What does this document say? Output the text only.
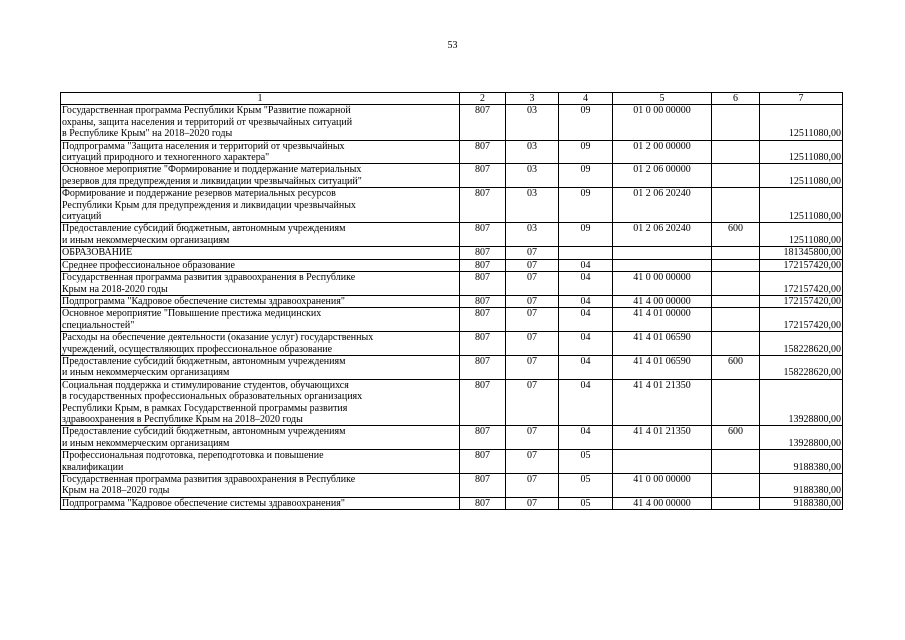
53
1	2	3	4	5	6	7

Государственная программа Республики Крым "Развитие пожарной
охраны, защита населения и территорий от чрезвычайных ситуаций
в Республике Крым" на 2018–2020 годы	807	03	09	01 0 00 00000		12511080,00

Подпрограмма "Защита населения и территорий от чрезвычайных
ситуаций природного и техногенного характера"	807	03	09	01 2 00 00000		12511080,00

Основное мероприятие "Формирование и поддержание материальных
резервов для предупреждения и ликвидации чрезвычайных ситуаций"	807	03	09	01 2 06 00000		12511080,00

Формирование и поддержание резервов материальных ресурсов
Республики Крым для предупреждения и ликвидации чрезвычайных
ситуаций	807	03	09	01 2 06 20240		12511080,00

Предоставление субсидий бюджетным, автономным учреждениям
и иным некоммерческим организациям	807	03	09	01 2 06 20240	600	12511080,00

ОБРАЗОВАНИЕ	807	07				181345800,00

Среднее профессиональное образование	807	07	04			172157420,00

Государственная программа развития здравоохранения в Республике
Крым на 2018-2020 годы	807	07	04	41 0 00 00000		172157420,00

Подпрограмма "Кадровое обеспечение системы здравоохранения"	807	07	04	41 4 00 00000		172157420,00

Основное мероприятие "Повышение престижа медицинских
специальностей"	807	07	04	41 4 01 00000		172157420,00

Расходы на обеспечение деятельности (оказание услуг) государственных
учреждений, осуществляющих профессиональное образование	807	07	04	41 4 01 06590		158228620,00

Предоставление субсидий бюджетным, автономным учреждениям
и иным некоммерческим организациям	807	07	04	41 4 01 06590	600	158228620,00

Социальная поддержка и стимулирование студентов, обучающихся
в государственных профессиональных образовательных организациях
Республики Крым, в рамках Государственной программы развития
здравоохранения в Республике Крым на 2018–2020 годы	807	07	04	41 4 01 21350		13928800,00

Предоставление субсидий бюджетным, автономным учреждениям
и иным некоммерческим организациям	807	07	04	41 4 01 21350	600	13928800,00

Профессиональная подготовка, переподготовка и повышение
квалификации	807	07	05			9188380,00

Государственная программа развития здравоохранения в Республике
Крым на 2018–2020 годы	807	07	05	41 0 00 00000		9188380,00

Подпрограмма "Кадровое обеспечение системы здравоохранения"	807	07	05	41 4 00 00000		9188380,00
